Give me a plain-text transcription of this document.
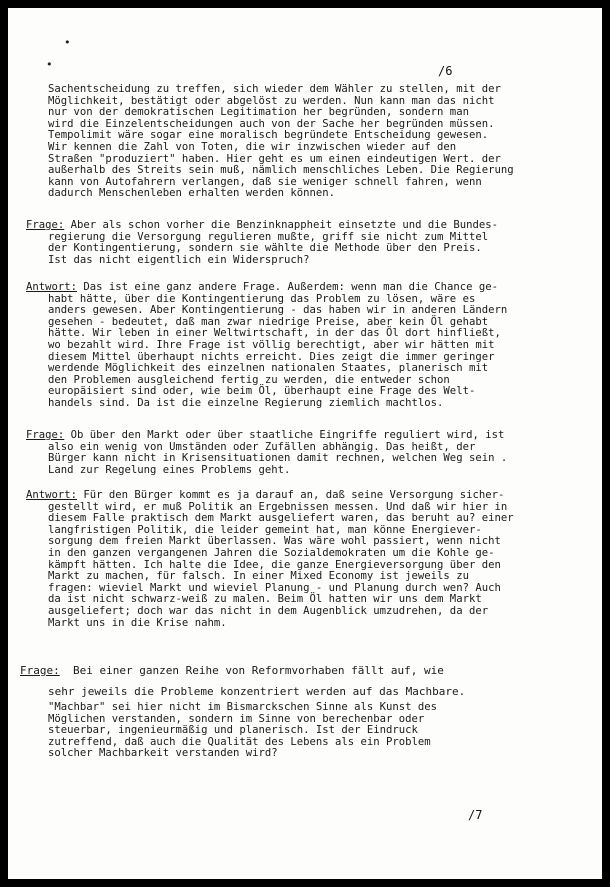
•
•	/6
Sachentscheidung zu treffen, sich wieder dem Wähler zu stellen, mit der
Möglichkeit, bestätigt oder abgelöst zu werden. Nun kann man das nicht
nur von der demokratischen Legitimation her begründen, sondern man
wird die Einzelentscheidungen auch von der Sache her begründen müssen.
Tempolimit wäre sogar eine moralisch begründete Entscheidung gewesen.
Wir kennen die Zahl von Toten, die wir inzwischen wieder auf den
Straßen "produziert" haben. Hier geht es um einen eindeutigen Wert. der
außerhalb des Streits sein muß, nämlich menschliches Leben. Die Regierung
kann von Autofahrern verlangen, daß sie weniger schnell fahren, wenn
dadurch Menschenleben erhalten werden können.
Frage: Aber als schon vorher die Benzinknappheit einsetzte und die Bundes-
regierung die Versorgung regulieren mußte, griff sie nicht zum Mittel
der Kontingentierung, sondern sie wählte die Methode über den Preis.
Ist das nicht eigentlich ein Widerspruch?
Antwort: Das ist eine ganz andere Frage. Außerdem: wenn man die Chance ge-
habt hätte, über die Kontingentierung das Problem zu lösen, wäre es
anders gewesen. Aber Kontingentierung - das haben wir in anderen Ländern
gesehen - bedeutet, daß man zwar niedrige Preise, aber kein Öl gehabt
hätte. Wir leben in einer Weltwirtschaft, in der das Öl dort hinfließt,
wo bezahlt wird. Ihre Frage ist völlig berechtigt, aber wir hätten mit
diesem Mittel überhaupt nichts erreicht. Dies zeigt die immer geringer
werdende Möglichkeit des einzelnen nationalen Staates, planerisch mit
den Problemen ausgleichend fertig zu werden, die entweder schon
europäisiert sind oder, wie beim Öl, überhaupt eine Frage des Welt-
handels sind. Da ist die einzelne Regierung ziemlich machtlos.
Frage: Ob über den Markt oder über staatliche Eingriffe reguliert wird, ist
also ein wenig von Umständen oder Zufällen abhängig. Das heißt, der
Bürger kann nicht in Krisensituationen damit rechnen, welchen Weg sein .
Land zur Regelung eines Problems geht.
Antwort: Für den Bürger kommt es ja darauf an, daß seine Versorgung sicher-
gestellt wird, er muß Politik an Ergebnissen messen. Und daß wir hier in
diesem Falle praktisch dem Markt ausgeliefert waren, das beruht au? einer
langfristigen Politik, die leider gemeint hat, man könne Energiever-
sorgung dem freien Markt überlassen. Was wäre wohl passiert, wenn nicht
in den ganzen vergangenen Jahren die Sozialdemokraten um die Kohle ge-
kämpft hätten. Ich halte die Idee, die ganze Energieversorgung über den
Markt zu machen, für falsch. In einer Mixed Economy ist jeweils zu
fragen: wieviel Markt und wieviel Planung - und Planung durch wen? Auch
da ist nicht schwarz-weiß zu malen. Beim Öl hatten wir uns dem Markt
ausgeliefert; doch war das nicht in dem Augenblick umzudrehen, da der
Markt uns in die Krise nahm.
Frage:  Bei einer ganzen Reihe von Reformvorhaben fällt auf, wie
sehr jeweils die Probleme konzentriert werden auf das Machbare.
"Machbar" sei hier nicht im Bismarckschen Sinne als Kunst des
Möglichen verstanden, sondern im Sinne von berechenbar oder
steuerbar, ingenieurmäßig und planerisch. Ist der Eindruck
zutreffend, daß auch die Qualität des Lebens als ein Problem
solcher Machbarkeit verstanden wird?
/7
